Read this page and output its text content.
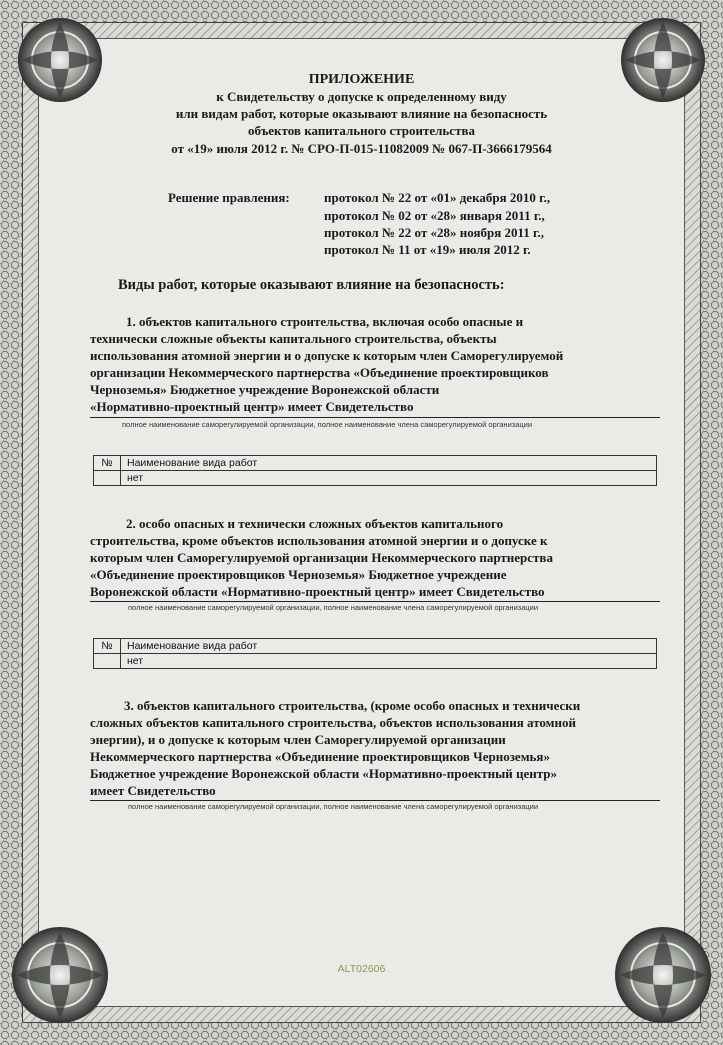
ПРИЛОЖЕНИЕ
к Свидетельству о допуске к определенному виду
или видам работ, которые оказывают влияние на безопасность
объектов капитального строительства
от «19» июля 2012 г. № СРО-П-015-11082009 № 067-П-3666179564
Решение правления:	протокол № 22 от «01» декабря 2010 г.,
протокол № 02 от «28» января 2011 г.,
протокол № 22 от «28» ноября 2011 г.,
протокол № 11 от «19» июля 2012 г.
Виды работ, которые оказывают влияние на безопасность:
1. объектов капитального строительства, включая особо опасные и
технически сложные объекты капитального строительства, объекты
использования атомной энергии и о допуске к которым член Саморегулируемой
организации Некоммерческого партнерства «Объединение проектировщиков
Черноземья» Бюджетное учреждение Воронежской области
«Нормативно-проектный центр» имеет Свидетельство
полное наименование саморегулируемой организации, полное наименование члена саморегулируемой организации
№	Наименование вида работ
	нет
2. особо опасных и технически сложных объектов капитального
строительства, кроме объектов использования атомной энергии и о допуске к
которым член Саморегулируемой организации Некоммерческого партнерства
«Объединение проектировщиков Черноземья» Бюджетное учреждение
Воронежской области «Нормативно-проектный центр» имеет Свидетельство
полное наименование саморегулируемой организации, полное наименование члена саморегулируемой организации
№	Наименование вида работ
	нет
3. объектов капитального строительства, (кроме особо опасных и технически
сложных объектов капитального строительства, объектов использования атомной
энергии), и о допуске к которым член Саморегулируемой организации
Некоммерческого партнерства «Объединение проектировщиков Черноземья»
Бюджетное учреждение Воронежской области «Нормативно-проектный центр»
имеет Свидетельство
полное наименование саморегулируемой организации, полное наименование члена саморегулируемой организации
ALT02606
